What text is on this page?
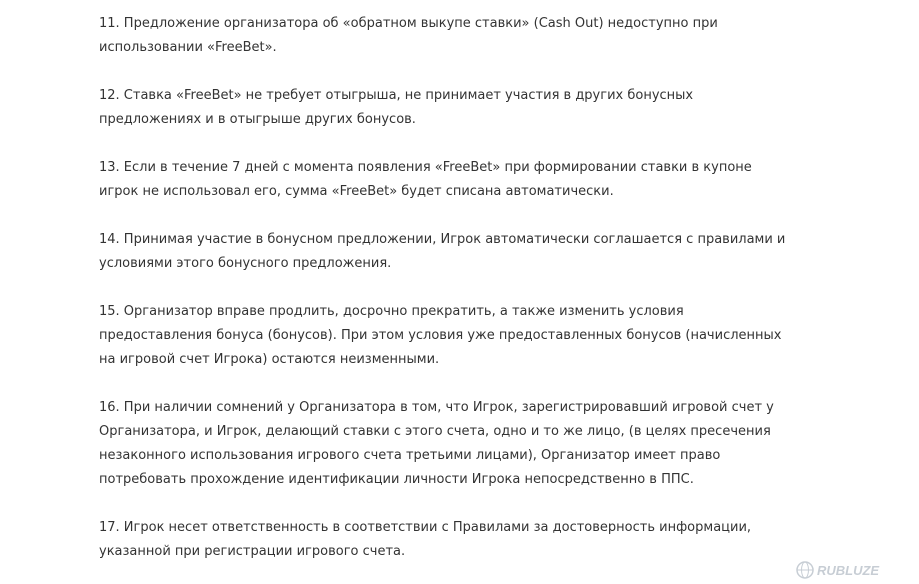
11. Предложение организатора об «обратном выкупе ставки» (Cash Out) недоступно при
использовании «FreeBet».

12. Ставка «FreeBet» не требует отыгрыша, не принимает участия в других бонусных
предложениях и в отыгрыше других бонусов.

13. Если в течение 7 дней с момента появления «FreeBet» при формировании ставки в купоне
игрок не использовал его, сумма «FreeBet» будет списана автоматически.

14. Принимая участие в бонусном предложении, Игрок автоматически соглашается с правилами и
условиями этого бонусного предложения.

15. Организатор вправе продлить, досрочно прекратить, а также изменить условия
предоставления бонуса (бонусов). При этом условия уже предоставленных бонусов (начисленных
на игровой счет Игрока) остаются неизменными.

16. При наличии сомнений у Организатора в том, что Игрок, зарегистрировавший игровой счет у
Организатора, и Игрок, делающий ставки с этого счета, одно и то же лицо, (в целях пресечения
незаконного использования игрового счета третьими лицами), Организатор имеет право
потребовать прохождение идентификации личности Игрока непосредственно в ППС.

17. Игрок несет ответственность в соответствии с Правилами за достоверность информации,
указанной при регистрации игрового счета.

RUBLUZE
